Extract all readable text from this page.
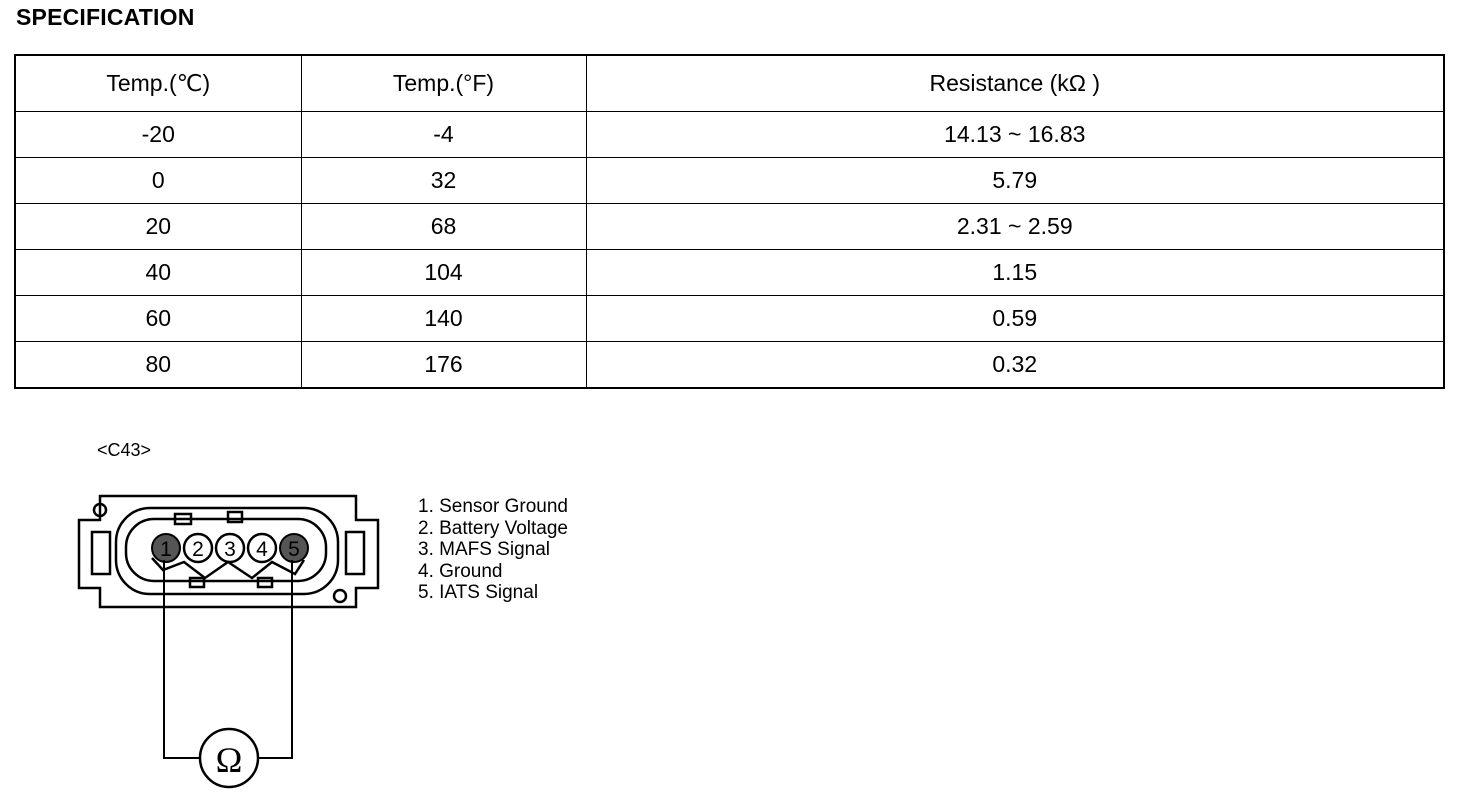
SPECIFICATION
Temp.(℃)	Temp.(°F)	Resistance (kΩ )
-20	-4	14.13 ~ 16.83
0	32	5.79
20	68	2.31 ~ 2.59
40	104	1.15
60	140	0.59
80	176	0.32
<C43>
1 2 3 4 5
Ω
1. Sensor Ground
2. Battery Voltage
3. MAFS Signal
4. Ground
5. IATS Signal
